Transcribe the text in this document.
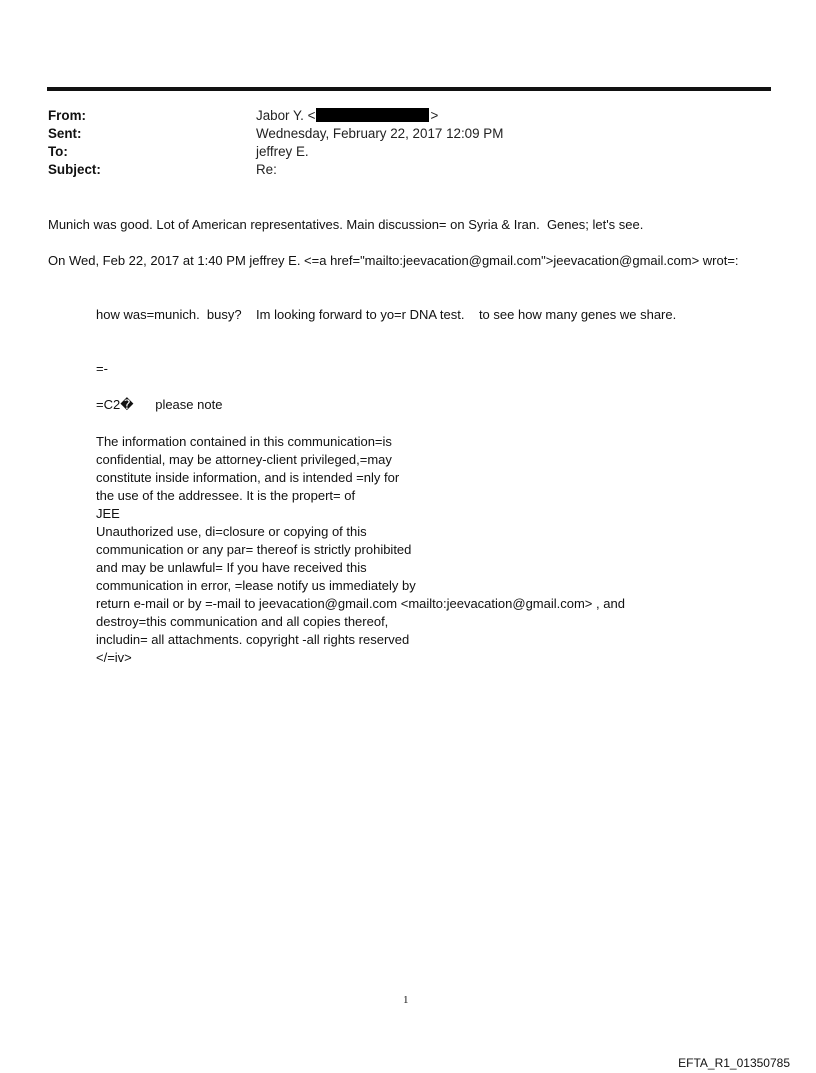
From:	Jabor Y. <	>
Sent:	Wednesday, February 22, 2017 12:09 PM
To:	jeffrey E.
Subject:	Re:
Munich was good. Lot of American representatives. Main discussion= on Syria & Iran.  Genes; let's see.
On Wed, Feb 22, 2017 at 1:40 PM jeffrey E. <=a href="mailto:jeevacation@gmail.com">jeevacation@gmail.com> wrot=:
how was=munich.  busy?    Im looking forward to yo=r DNA test.    to see how many genes we share.
=-
=C2�      please note
The information contained in this communication=is
confidential, may be attorney-client privileged,=may
constitute inside information, and is intended =nly for
the use of the addressee. It is the propert= of
JEE
Unauthorized use, di=closure or copying of this
communication or any par= thereof is strictly prohibited
and may be unlawful= If you have received this
communication in error, =lease notify us immediately by
return e-mail or by =-mail to jeevacation@gmail.com <mailto:jeevacation@gmail.com> , and
destroy=this communication and all copies thereof,
includin= all attachments. copyright -all rights reserved
</=iv>
1
EFTA_R1_01350785
